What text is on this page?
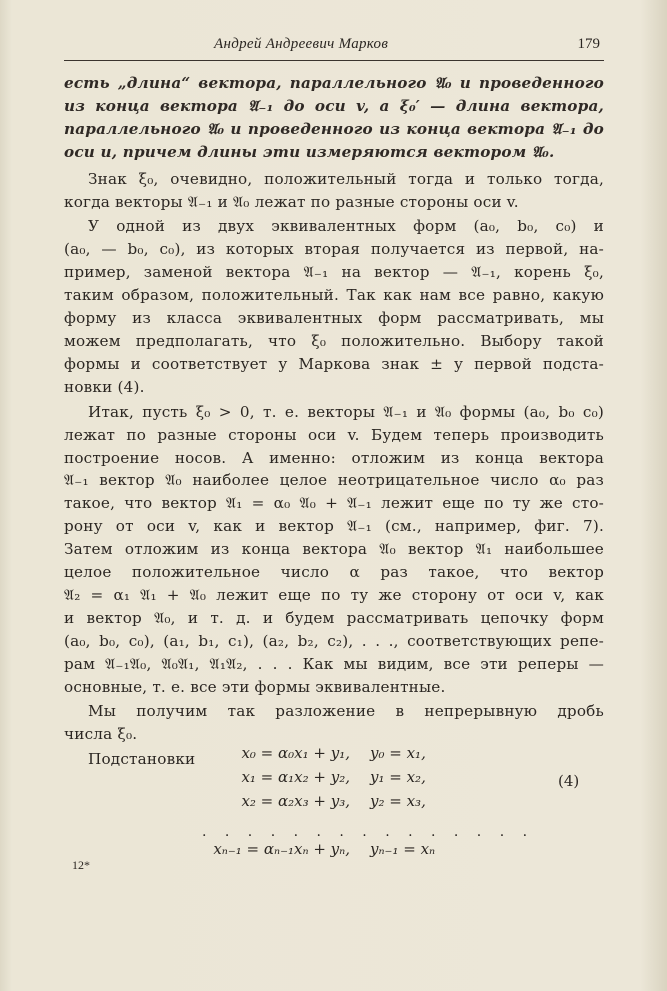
Андрей Андреевич Марков	179

есть „длина“ вектора, параллельного 𝔄₀ и проведенного
из конца вектора 𝔄₋₁ до оси v, а ξ₀′ — длина вектора,
параллельного 𝔄₀ и проведенного из конца вектора 𝔄₋₁ до
оси u, причем длины эти измеряются вектором 𝔄₀.

Знак ξ₀, очевидно, положительный тогда и только тогда,
когда векторы 𝔄₋₁ и 𝔄₀ лежат по разные стороны оси v.

У одной из двух эквивалентных форм (a₀, b₀, c₀) и
(a₀, — b₀, c₀), из которых вторая получается из первой, на-
пример, заменой вектора 𝔄₋₁ на вектор — 𝔄₋₁, корень ξ₀,
таким образом, положительный. Так как нам все равно, какую
форму из класса эквивалентных форм рассматривать, мы
можем предполагать, что ξ₀ положительно. Выбору такой
формы и соответствует у Маркова знак ± у первой подста-
новки (4).

Итак, пусть ξ₀ > 0, т. е. векторы 𝔄₋₁ и 𝔄₀ формы (a₀, b₀ c₀)
лежат по разные стороны оси v. Будем теперь производить
построение носов. А именно: отложим из конца вектора
𝔄₋₁ вектор 𝔄₀ наиболее целое неотрицательное число α₀ раз
такое, что вектор 𝔄₁ = α₀ 𝔄₀ + 𝔄₋₁ лежит еще по ту же сто-
рону от оси v, как и вектор 𝔄₋₁ (см., например, фиг. 7).
Затем отложим из конца вектора 𝔄₀ вектор 𝔄₁ наибольшее
целое положительное число α раз такое, что вектор
𝔄₂ = α₁ 𝔄₁ + 𝔄₀ лежит еще по ту же сторону от оси v, как
и вектор 𝔄₀, и т. д. и будем рассматривать цепочку форм
(a₀, b₀, c₀), (a₁, b₁, c₁), (a₂, b₂, c₂), . . ., соответствующих репе-
рам 𝔄₋₁𝔄₀, 𝔄₀𝔄₁, 𝔄₁𝔄₂, . . . Как мы видим, все эти реперы —
основные, т. е. все эти формы эквивалентные.

Мы получим так разложение в непрерывную дробь
числа ξ₀.

Подстановки	x₀ = α₀x₁ + y₁, y₀ = x₁,
x₁ = α₁x₂ + y₂, y₁ = x₂,
x₂ = α₂x₃ + y₃, y₂ = x₃,
. . . . . . . . . . . . . . .
xₙ₋₁ = αₙ₋₁xₙ + yₙ, yₙ₋₁ = xₙ
(4)
12*
